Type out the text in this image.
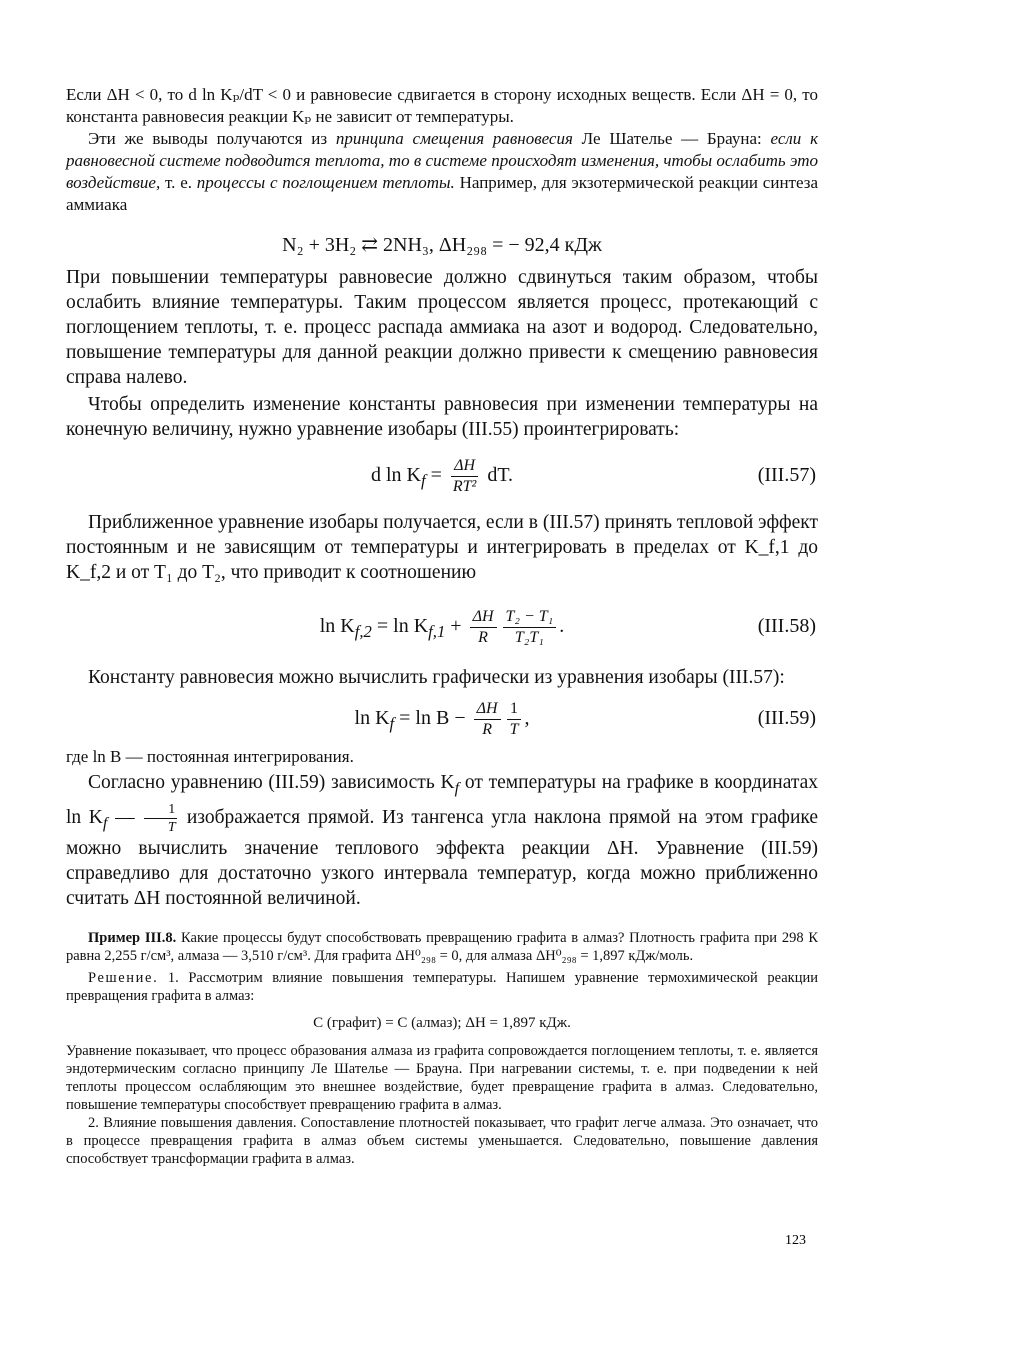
Если ΔH < 0, то d ln Kₚ/dT < 0 и равновесие сдвигается в сторону исходных веществ. Если ΔH = 0, то константа равновесия реакции Kₚ не зависит от температуры.

Эти же выводы получаются из принципа смещения равновесия Ле Шателье — Брауна: если к равновесной системе подводится теплота, то в системе происходят изменения, чтобы ослабить это воздействие, т. е. процессы с поглощением теплоты. Например, для экзотермической реакции синтеза аммиака

N₂ + 3H₂ ⇄ 2NH₃, ΔH₂₉₈ = − 92,4 кДж

При повышении температуры равновесие должно сдвинуться таким образом, чтобы ослабить влияние температуры. Таким процессом является процесс, протекающий с поглощением теплоты, т. е. процесс распада аммиака на азот и водород. Следовательно, повышение температуры для данной реакции должно привести к смещению равновесия справа налево.

Чтобы определить изменение константы равновесия при изменении температуры на конечную величину, нужно уравнение изобары (III.55) проинтегрировать:

d $\ln K_f = \frac{\Delta H}{\text{RT²}}$ dT.	(III.57)

Приближенное уравнение изобары получается, если в (III.57) принять тепловой эффект постоянным и не зависящим от температуры и интегрировать в пределах от K_f,1 до K_f,2 и от T₁ до T₂, что приводит к соотношению

$\ln K_{f,2} = \ln K_{f,1} + \frac{\Delta H}{R} \frac{\text{T₂ − T₁}}{\text{T₂T₁}}$ .	(III.58)

Константу равновесия можно вычислить графически из уравнения изобары (III.57):

$\ln K_f = \ln B - \frac{\Delta H}{R} \frac{1}{T}$ ,	(III.59)

где ln B — постоянная интегрирования.

Согласно уравнению (III.59) зависимость $K_f$ от температуры на графике в координатах $\ln K_f$ — $\frac{1}{T}$ изображается прямой. Из тангенса угла наклона прямой на этом графике можно вычислить значение теплового эффекта реакции ΔH. Уравнение (III.59) справедливо для достаточно узкого интервала температур, когда можно приближенно считать ΔH постоянной величиной.

Пример III.8. Какие процессы будут способствовать превращению графита в алмаз? Плотность графита при 298 К равна 2,255 г/см³, алмаза — 3,510 г/см³. Для графита ΔH⁰₂₉₈ = 0, для алмаза ΔH⁰₂₉₈ = 1,897 кДж/моль.

Решение. 1. Рассмотрим влияние повышения температуры. Напишем уравнение термохимической реакции превращения графита в алмаз:

C (графит) = C (алмаз); ΔH = 1,897 кДж.

Уравнение показывает, что процесс образования алмаза из графита сопровождается поглощением теплоты, т. е. является эндотермическим согласно принципу Ле Шателье — Брауна. При нагревании системы, т. е. при подведении к ней теплоты процессом ослабляющим это внешнее воздействие, будет превращение графита в алмаз. Следовательно, повышение температуры способствует превращению графита в алмаз.

2. Влияние повышения давления. Сопоставление плотностей показывает, что графит легче алмаза. Это означает, что в процессе превращения графита в алмаз объем системы уменьшается. Следовательно, повышение давления способствует трансформации графита в алмаз.

123
